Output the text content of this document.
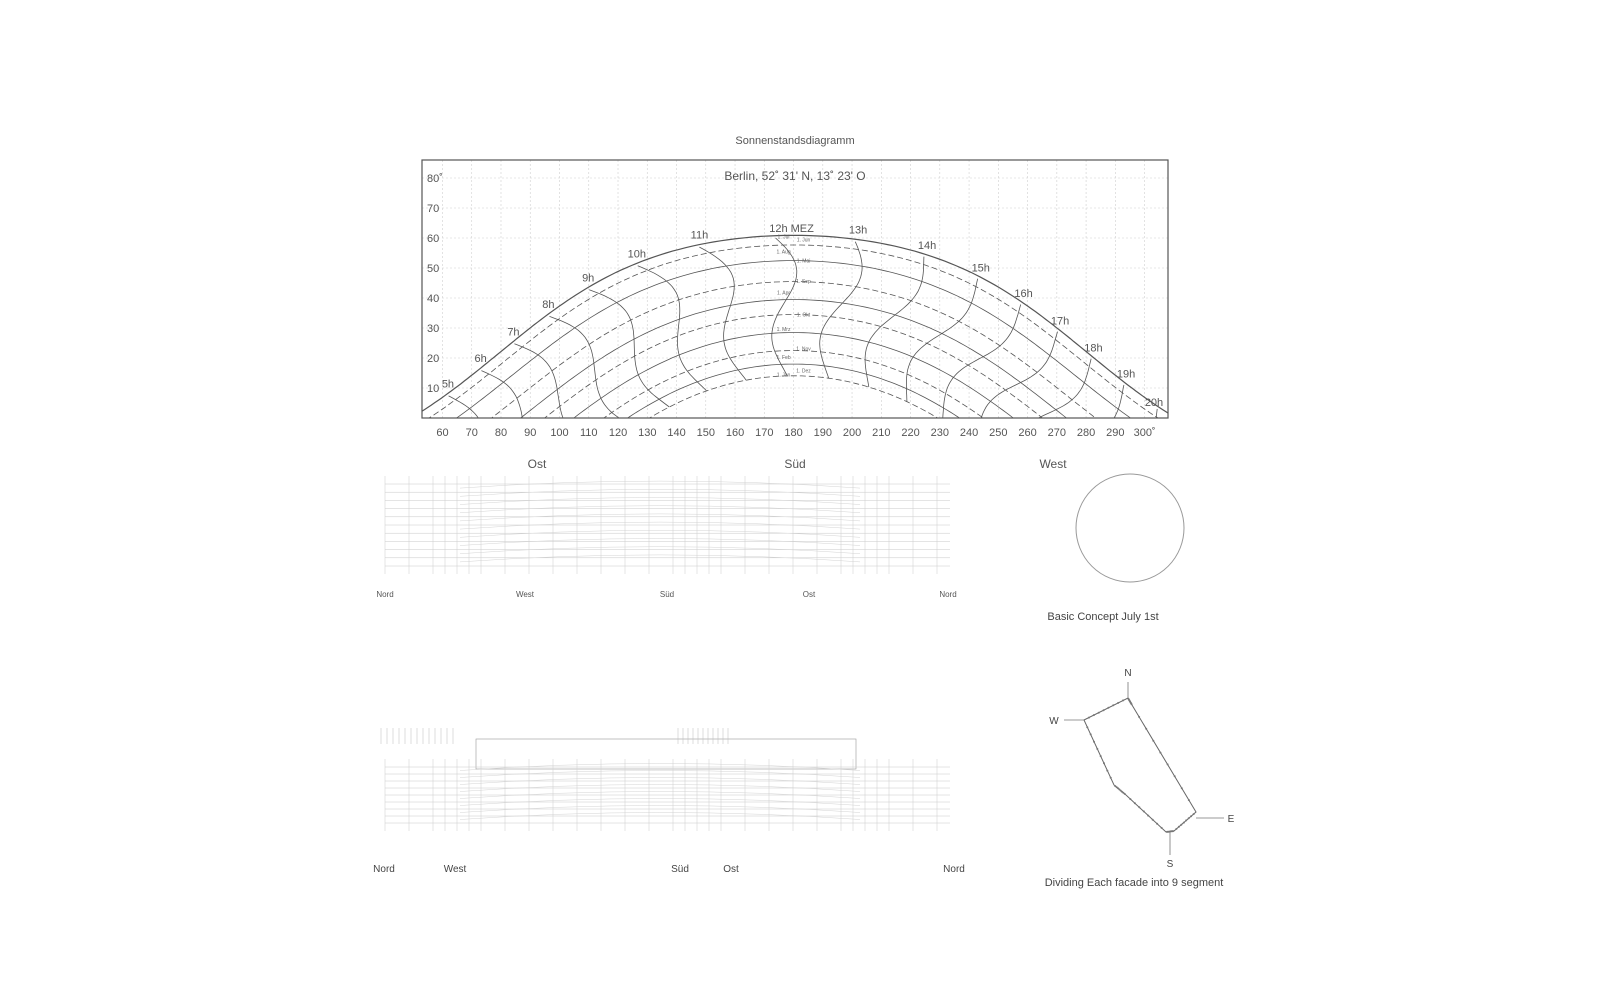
Sonnenstandsdiagramm
Berlin, 52˚ 31' N, 13˚ 23' O
80˚
70
60
50
40
30
20
10
60 70 80 90 100 110 120 130 140 150 160 170 180 190 200 210 220 230 240 250 260 270 280 290 300˚
5h
6h
7h
8h
9h
10h
11h
12h MEZ	13h
14h
15h
16h
17h
18h
19h
20h
1. Jul
1. Jun
1. Aug
1. Mai
1. Sep
1. Apr
1. Okt
1. Mrz
1. Nov
1. Feb
1. Dez
1. Jan
Ost	Süd	West
Nord	West	Süd	Ost	Nord
Basic Concept July 1st
Nord	West	Süd	Ost	Nord
N
W
E
S
Dividing Each facade into 9 segment
